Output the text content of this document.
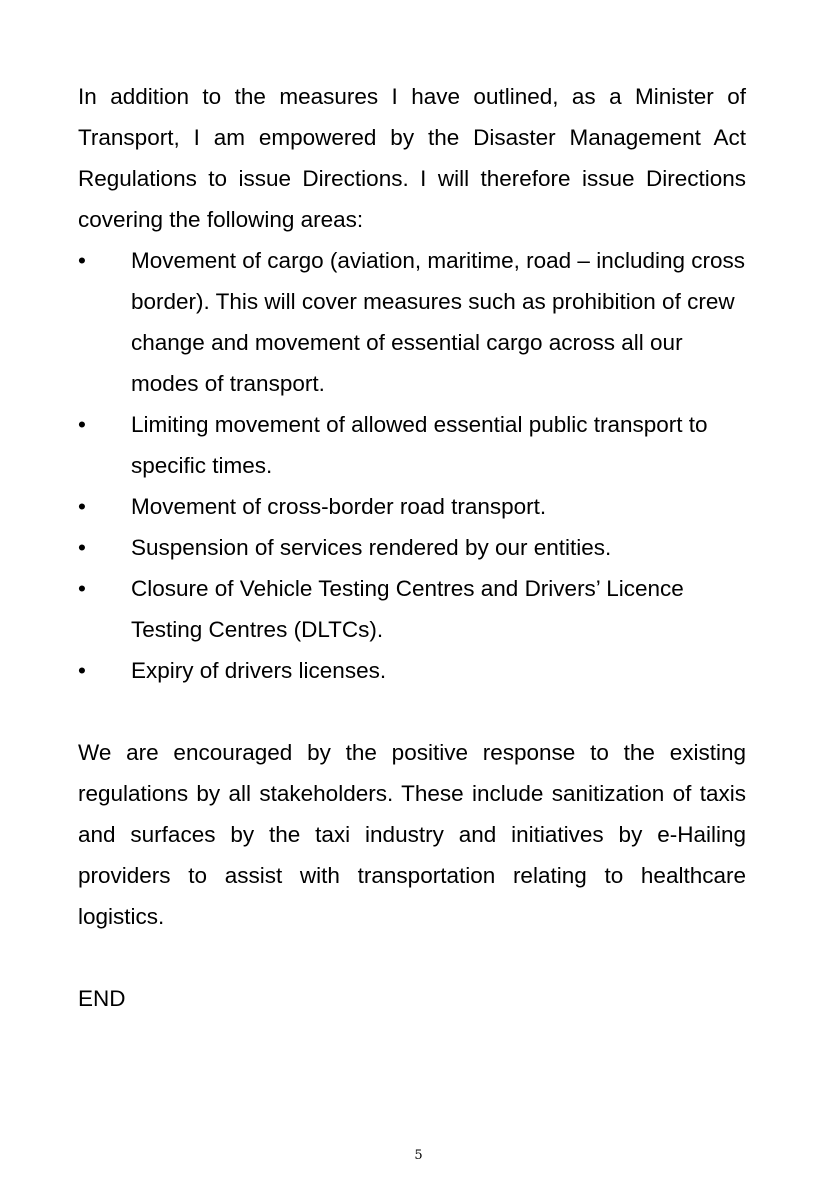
In addition to the measures I have outlined, as a Minister of Transport, I am empowered by the Disaster Management Act Regulations to issue Directions. I will therefore issue Directions covering the following areas:

•	Movement of cargo (aviation, maritime, road – including cross border). This will cover measures such as prohibition of crew change and movement of essential cargo across all our modes of transport.
•	Limiting movement of allowed essential public transport to specific times.
•	Movement of cross-border road transport.
•	Suspension of services rendered by our entities.
•	Closure of Vehicle Testing Centres and Drivers’ Licence Testing Centres (DLTCs).
•	Expiry of drivers licenses.

We are encouraged by the positive response to the existing regulations by all stakeholders. These include sanitization of taxis and surfaces by the taxi industry and initiatives by e-Hailing providers to assist with transportation relating to healthcare logistics.

END

5
